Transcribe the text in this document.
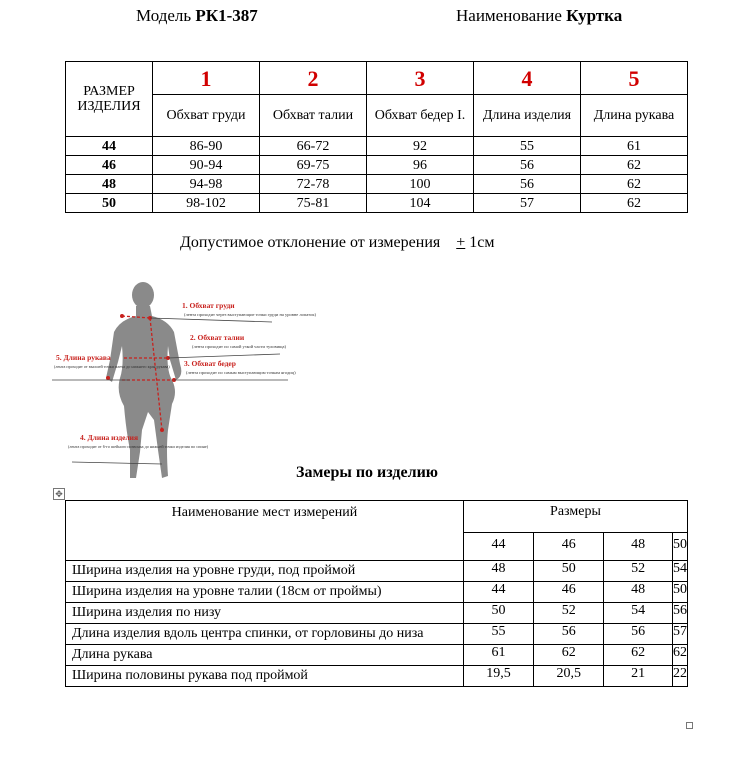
Модель РК1-387	Наименование Куртка
РАЗМЕР ИЗДЕЛИЯ	1	2	3	4	5
	Обхват груди	Обхват талии	Обхват бедер І.	Длина изделия	Длина рукава
44	86-90	66-72	92	55	61
46	90-94	69-75	96	56	62
48	94-98	72-78	100	56	62
50	98-102	75-81	104	57	62
Допустимое отклонение от измерения + 1см
1. Обхват груди
(лента проходит через выступающие точки груди на уровне лопаток)
2. Обхват талии
(лента проходит по самой узкой части туловища)
3. Обхват бедер
(лента проходит по самым выступающим точкам ягодиц)
5. Длина рукава
(лента проходит от высшей точки плеча до нижнего края рукава)
4. Длина изделия
(лента проходит от 6-го шейного позвонка до нижней точки изделия по спине)
Замеры по изделию
✥
Наименование мест измерений	Размеры			
	44	46	48	50
Ширина изделия на уровне груди, под проймой	48	50	52	54
Ширина изделия на уровне талии (18см от проймы)	44	46	48	50
Ширина изделия по низу	50	52	54	56
Длина изделия вдоль центра спинки, от горловины до низа	55	56	56	57
Длина рукава	61	62	62	62
Ширина половины рукава под проймой	19,5	20,5	21	22
